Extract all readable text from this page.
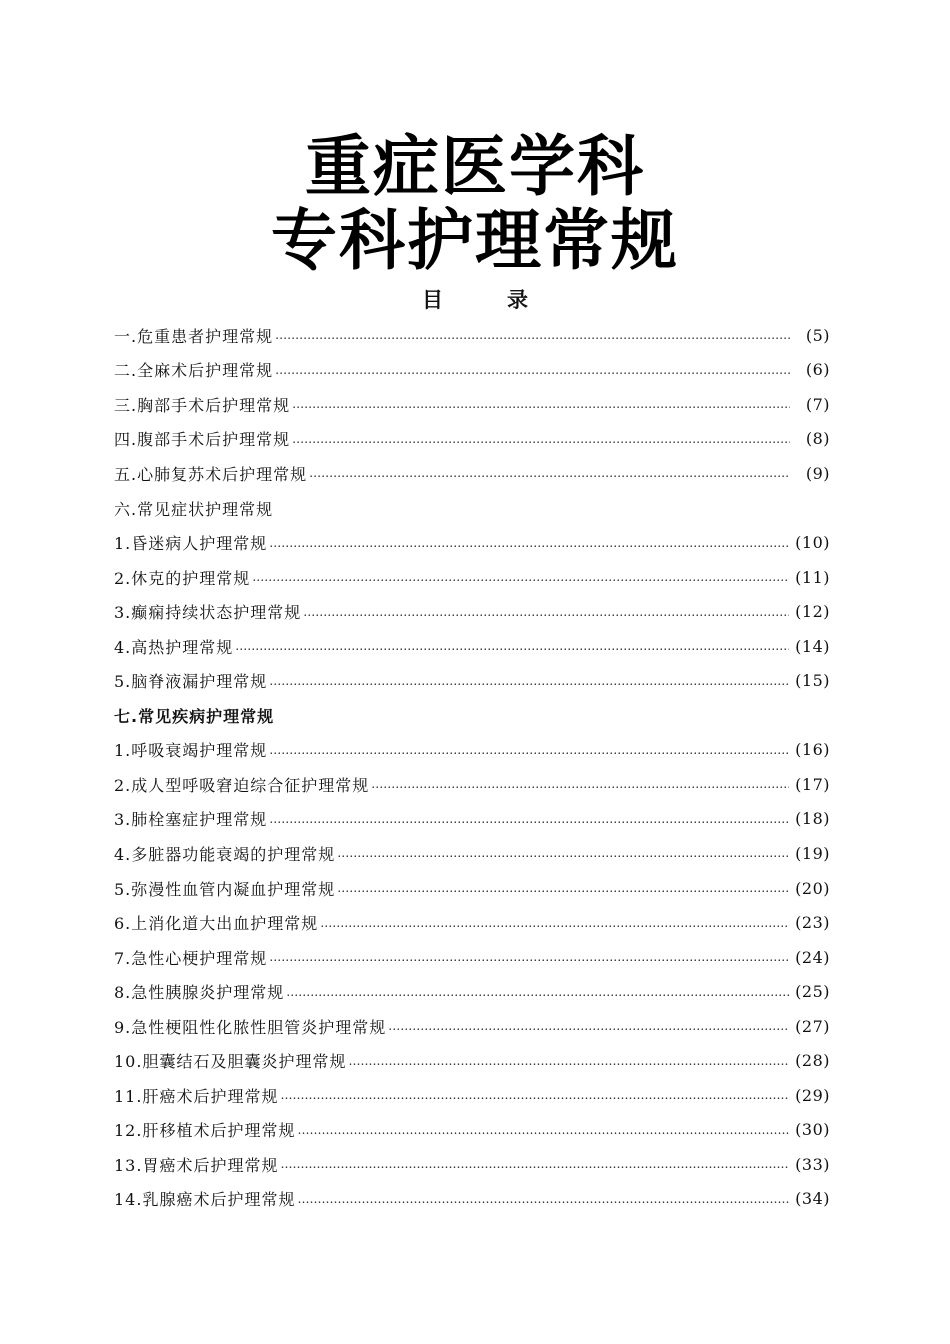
重症医学科
专科护理常规
目录
一.危重患者护理常规 ……………………………………………………………………………………………………………………………………………………	(5)
二.全麻术后护理常规 ……………………………………………………………………………………………………………………………………………………	(6)
三.胸部手术后护理常规 ……………………………………………………………………………………………………………………………………………………	(7)
四.腹部手术后护理常规 ……………………………………………………………………………………………………………………………………………………	(8)
五.心肺复苏术后护理常规 ……………………………………………………………………………………………………………………………………………………	(9)
六.常见症状护理常规
1.昏迷病人护理常规 ……………………………………………………………………………………………………………………………………………………	(10)
2.休克的护理常规 ……………………………………………………………………………………………………………………………………………………	(11)
3.癫痫持续状态护理常规 ……………………………………………………………………………………………………………………………………………………	(12)
4.高热护理常规 ……………………………………………………………………………………………………………………………………………………	(14)
5.脑脊液漏护理常规 ……………………………………………………………………………………………………………………………………………………	(15)
七.常见疾病护理常规
1.呼吸衰竭护理常规 ……………………………………………………………………………………………………………………………………………………	(16)
2.成人型呼吸窘迫综合征护理常规 ……………………………………………………………………………………………………………………………………………………	(17)
3.肺栓塞症护理常规 ……………………………………………………………………………………………………………………………………………………	(18)
4.多脏器功能衰竭的护理常规 ……………………………………………………………………………………………………………………………………………………	(19)
5.弥漫性血管内凝血护理常规 ……………………………………………………………………………………………………………………………………………………	(20)
6.上消化道大出血护理常规 ……………………………………………………………………………………………………………………………………………………	(23)
7.急性心梗护理常规 ……………………………………………………………………………………………………………………………………………………	(24)
8.急性胰腺炎护理常规 ……………………………………………………………………………………………………………………………………………………	(25)
9.急性梗阻性化脓性胆管炎护理常规 ……………………………………………………………………………………………………………………………………………………	(27)
10.胆囊结石及胆囊炎护理常规 ……………………………………………………………………………………………………………………………………………………	(28)
11.肝癌术后护理常规 ……………………………………………………………………………………………………………………………………………………	(29)
12.肝移植术后护理常规 ……………………………………………………………………………………………………………………………………………………	(30)
13.胃癌术后护理常规 ……………………………………………………………………………………………………………………………………………………	(33)
14.乳腺癌术后护理常规 ……………………………………………………………………………………………………………………………………………………	(34)
